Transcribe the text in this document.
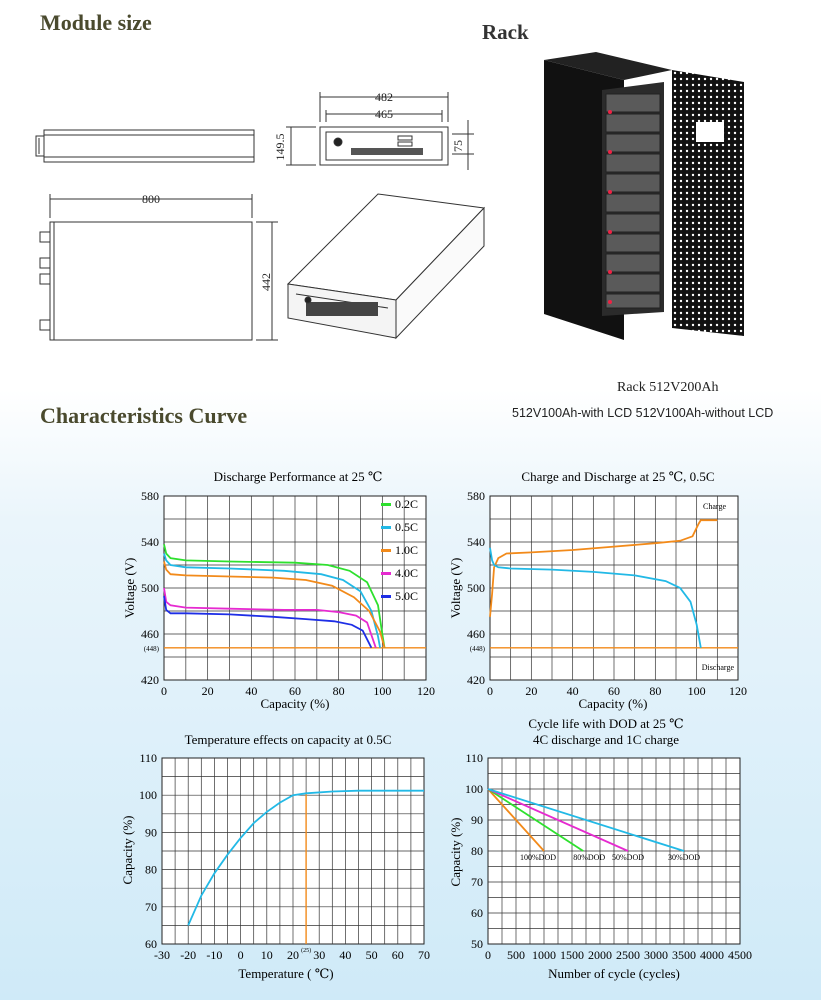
Module size	Rack
Characteristics Curve
Rack 512V200Ah
512V100Ah-with LCD 512V100Ah-without LCD
482
465
149.5	75
800
442
Discharge Performance at 25 ℃
0	20	40	60	80 100 120
420
460
500
540
580
(448)
0.2C
0.5C
1.0C
4.0C
5.0C
Capacity (%)
Voltage (V)
Charge and Discharge at 25 ℃, 0.5C
0	20 40 60 80 100 120
420
460
500
540
580
(448)
Charge
Discharge
Capacity (%)
Voltage (V)
Temperature effects on capacity at 0.5C
-30 -20 -10 0 10 20 30 40 50 60 70
60
70
80
90
100
110
(25)
Temperature ( ℃)
Capacity (%)
Cycle life with DOD at 25 ℃
4C discharge and 1C charge
0 500 1000 1500 2000 2500 3000 3500 4000 4500
50
60
70
80
90
100
110
100%DOD 80%DOD 50%DOD	30%DOD
Number of cycle (cycles)
Capacity (%)
